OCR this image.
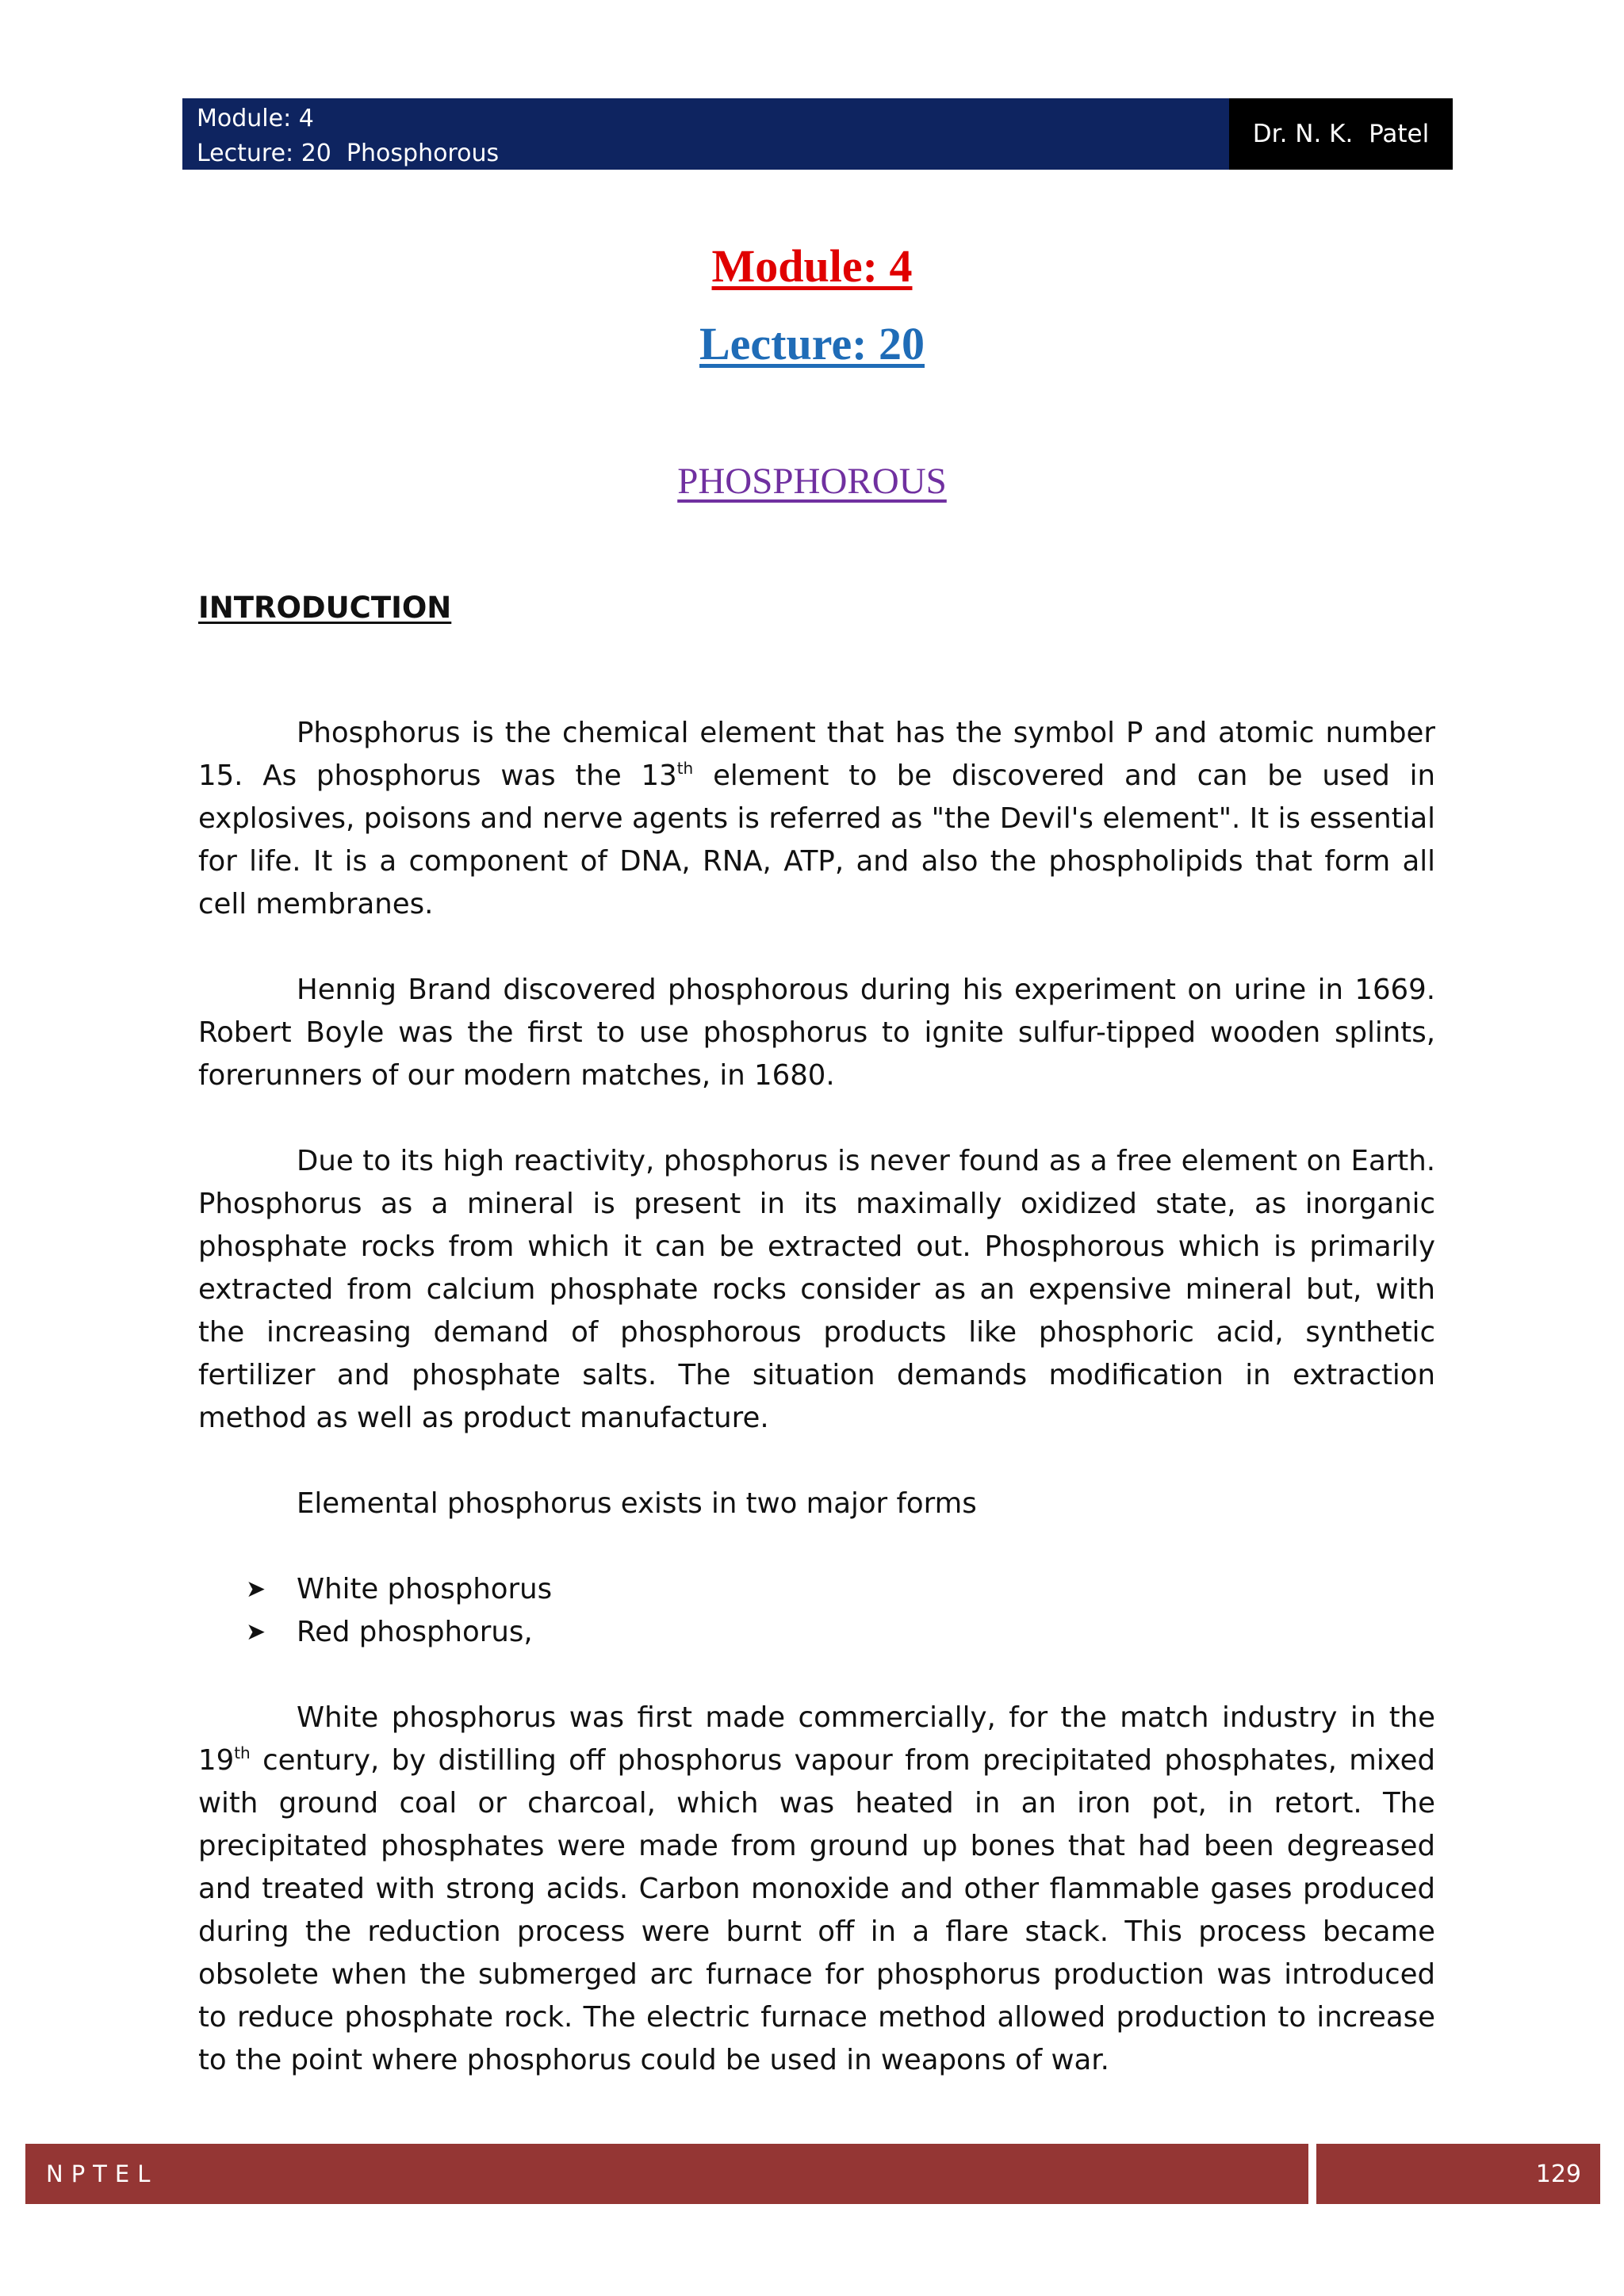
Module: 4
Lecture: 20  Phosphorous
Dr. N. K.  Patel
Module: 4
Lecture: 20
PHOSPHOROUS
INTRODUCTION

Phosphorus is the chemical element that has the symbol P and atomic number 15. As phosphorus was the 13th element to be discovered and can be used in explosives, poisons and nerve agents is referred as "the Devil's element". It is essential for life. It is a component of DNA, RNA, ATP, and also the phospholipids that form all cell membranes.

Hennig Brand discovered phosphorous during his experiment on urine in 1669. Robert Boyle was the first to use phosphorus to ignite sulfur-tipped wooden splints, forerunners of our modern matches, in 1680.

Due to its high reactivity, phosphorus is never found as a free element on Earth. Phosphorus as a mineral is present in its maximally oxidized state, as inorganic phosphate rocks from which it can be extracted out. Phosphorous which is primarily extracted from calcium phosphate rocks consider as an expensive mineral but, with the increasing demand of phosphorous products like phosphoric acid, synthetic fertilizer and phosphate salts. The situation demands modification in extraction method as well as product manufacture.

Elemental phosphorus exists in two major forms

➤ White phosphorus
➤ Red phosphorus,

White phosphorus was first made commercially, for the match industry in the 19th century, by distilling off phosphorus vapour from precipitated phosphates, mixed with ground coal or charcoal, which was heated in an iron pot, in retort. The precipitated phosphates were made from ground up bones that had been degreased and treated with strong acids. Carbon monoxide and other flammable gases produced during the reduction process were burnt off in a flare stack. This process became obsolete when the submerged arc furnace for phosphorus production was introduced to reduce phosphate rock. The electric furnace method allowed production to increase to the point where phosphorus could be used in weapons of war.

NPTEL	129
